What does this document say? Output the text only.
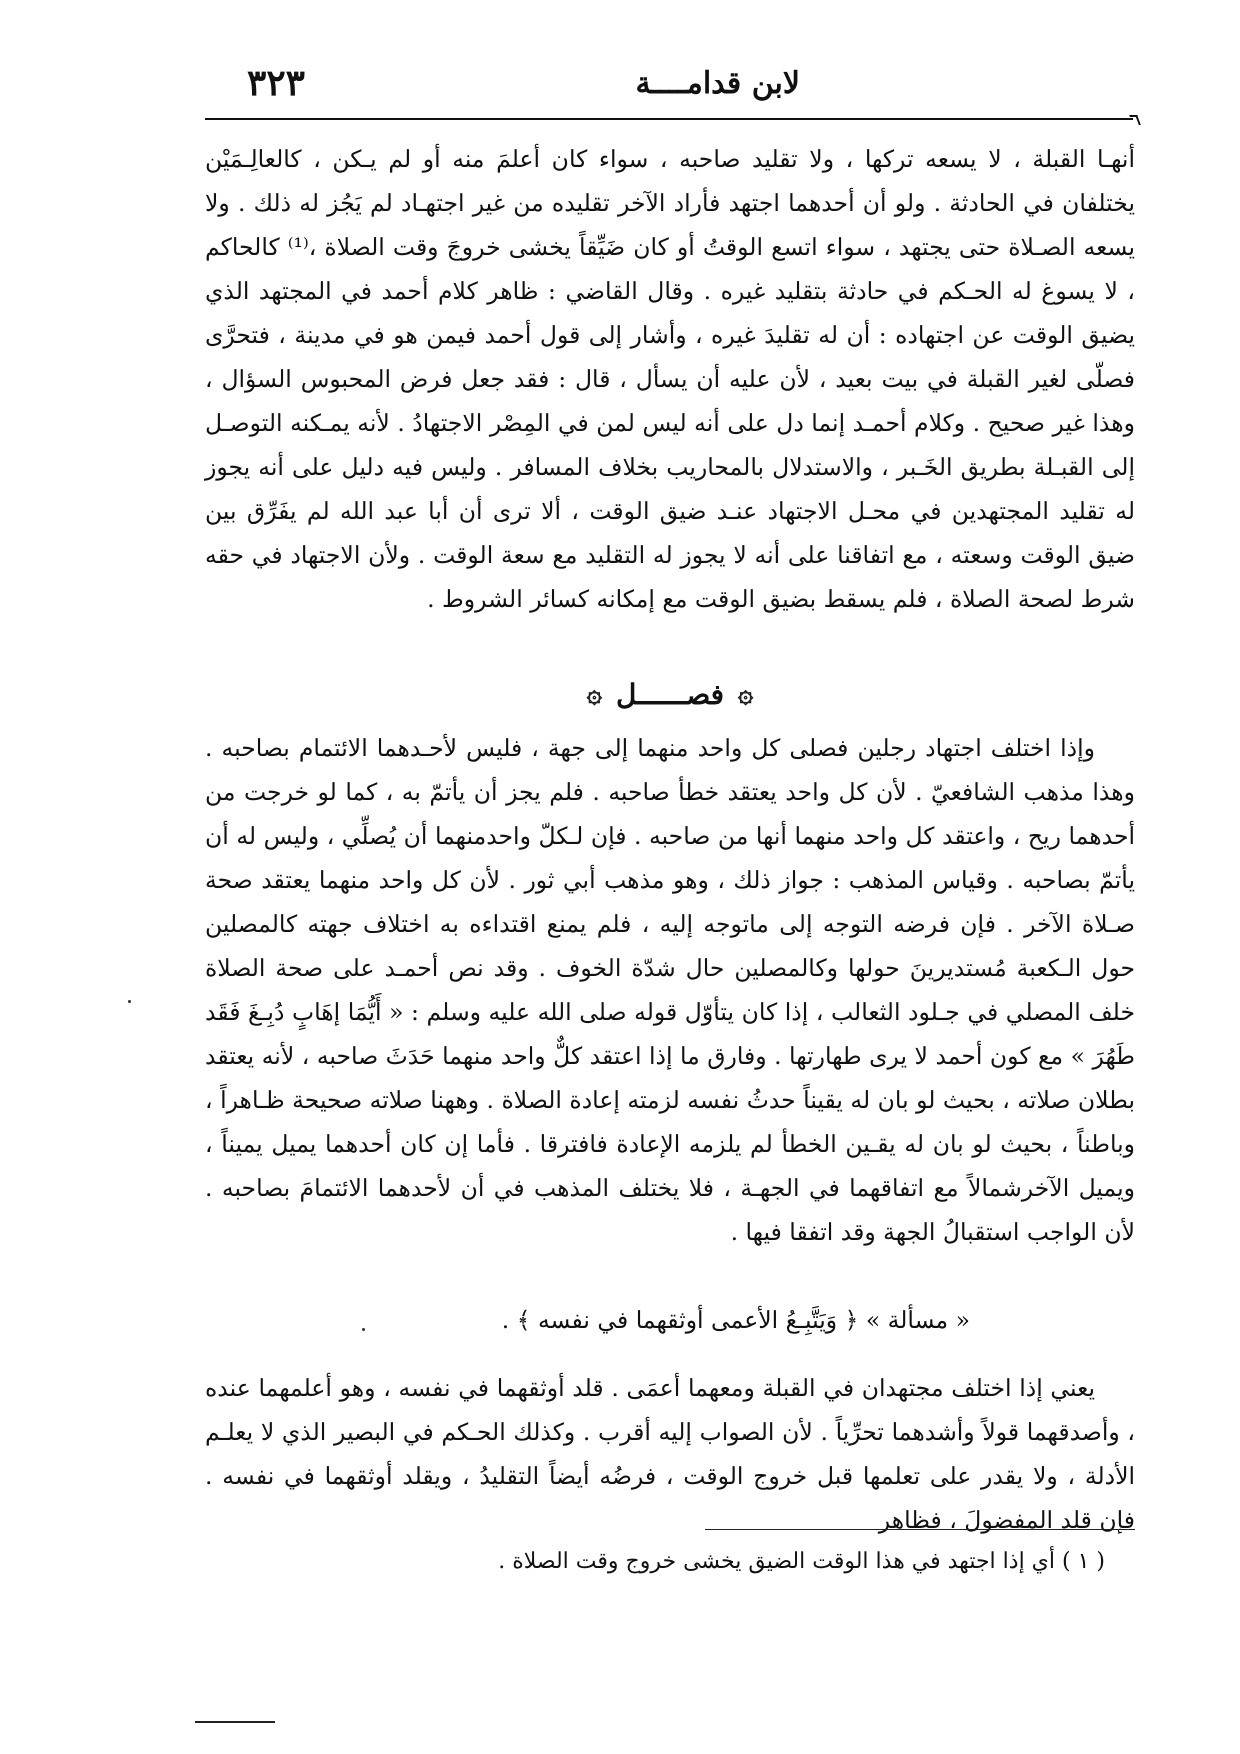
لابن قدامــــة
٣٢٣

أنهـا القبلة ، لا يسعه تركها ، ولا تقليد صاحبه ، سواء كان أعلمَ منه أو لم يـكن ، كالعالِـمَيْن يختلفان في الحادثة . ولو أن أحدهما اجتهد فأراد الآخر تقليده من غير اجتهـاد لم يَجُز له ذلك . ولا يسعه الصـلاة حتى يجتهد ، سواء اتسع الوقتُ أو كان ضَيِّقاً يخشى خروجَ وقت الصلاة ،⁽¹⁾ كالحاكم ، لا يسوغ له الحـكم في حادثة بتقليد غيره . وقال القاضي : ظاهر كلام أحمد في المجتهد الذي يضيق الوقت عن اجتهاده : أن له تقليدَ غيره ، وأشار إلى قول أحمد فيمن هو في مدينة ، فتحرَّى فصلّى لغير القبلة في بيت بعيد ، لأن عليه أن يسأل ، قال : فقد جعل فرض المحبوس السؤال ، وهذا غير صحيح . وكلام أحمـد إنما دل على أنه ليس لمن في المِصْر الاجتهادُ . لأنه يمـكنه التوصـل إلى القبـلة بطريق الخَـبر ، والاستدلال بالمحاريب بخلاف المسافر . وليس فيه دليل على أنه يجوز له تقليد المجتهدين في محـل الاجتهاد عنـد ضيق الوقت ، ألا ترى أن أبا عبد الله لم يفَرِّق بين ضيق الوقت وسعته ، مع اتفاقنا على أنه لا يجوز له التقليد مع سعة الوقت . ولأن الاجتهاد في حقه شرط لصحة الصلاة ، فلم يسقط بضيق الوقت مع إمكانه كسائر الشروط .

۞
فصــــــل
۞

وإذا اختلف اجتهاد رجلين فصلى كل واحد منهما إلى جهة ، فليس لأحـدهما الائتمام بصاحبه . وهذا مذهب الشافعيّ . لأن كل واحد يعتقد خطأ صاحبه . فلم يجز أن يأتمّ به ، كما لو خرجت من أحدهما ريح ، واعتقد كل واحد منهما أنها من صاحبه . فإن لـكلّ واحدمنهما أن يُصلِّي ، وليس له أن يأتمّ بصاحبه . وقياس المذهب : جواز ذلك ، وهو مذهب أبي ثور . لأن كل واحد منهما يعتقد صحة صـلاة الآخر . فإن فرضه التوجه إلى ماتوجه إليه ، فلم يمنع اقتداءه به اختلاف جهته كالمصلين حول الـكعبة مُستديرينَ حولها وكالمصلين حال شدّة الخوف . وقد نص أحمـد على صحة الصلاة خلف المصلي في جـلود الثعالب ، إذا كان يتأوّل قوله صلى الله عليه وسلم : « أَيُّمَا إهَابٍ دُبِـغَ فَقَد طَهُرَ » مع كون أحمد لا يرى طهارتها . وفارق ما إذا اعتقد كلٌّ واحد منهما حَدَثَ صاحبه ، لأنه يعتقد بطلان صلاته ، بحيث لو بان له يقيناً حدثُ نفسه لزمته إعادة الصلاة . وههنا صلاته صحيحة ظـاهراً ، وباطناً ، بحيث لو بان له يقـين الخطأ لم يلزمه الإعادة فافترقا . فأما إن كان أحدهما يميل يميناً ، ويميل الآخرشمالاً مع اتفاقهما في الجهـة ، فلا يختلف المذهب في أن لأحدهما الائتمامَ بصاحبه . لأن الواجب استقبالُ الجهة وقد اتفقا فيها .

« مسألة » ﴿ وَيَتَّبِـعُ الأعمى أوثقهما في نفسه ﴾ .

يعني إذا اختلف مجتهدان في القبلة ومعهما أعمَى . قلد أوثقهما في نفسه ، وهو أعلمهما عنده ، وأصدقهما قولاً وأشدهما تحرِّياً . لأن الصواب إليه أقرب . وكذلك الحـكم في البصير الذي لا يعلـم الأدلة ، ولا يقدر على تعلمها قبل خروج الوقت ، فرضُه أيضاً التقليدُ ، ويقلد أوثقهما في نفسه . فإن قلد المفضولَ ، فظاهر

( ١ ) أي إذا اجتهد في هذا الوقت الضيق يخشى خروج وقت الصلاة .
